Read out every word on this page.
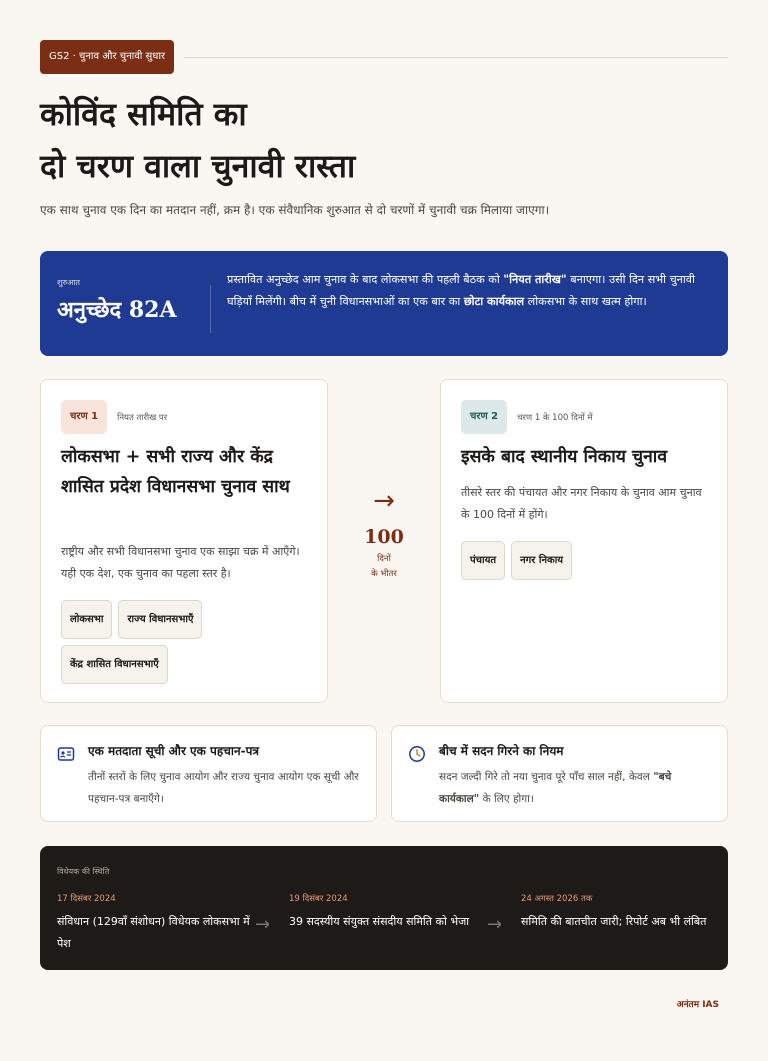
GS2 · चुनाव और चुनावी सुधार
कोविंद समिति का
दो चरण वाला चुनावी रास्ता

एक साथ चुनाव एक दिन का मतदान नहीं, क्रम है। एक संवैधानिक शुरुआत से दो चरणों में चुनावी चक्र मिलाया जाएगा।

शुरुआत
अनुच्छेद 82A

प्रस्तावित अनुच्छेद आम चुनाव के बाद लोकसभा की पहली बैठक को "नियत तारीख" बनाएगा। उसी दिन सभी चुनावी घड़ियाँ मिलेंगी। बीच में चुनी विधानसभाओं का एक बार का छोटा कार्यकाल लोकसभा के साथ खत्म होगा।

चरण 1	नियत तारीख पर
लोकसभा + सभी राज्य और केंद्र शासित प्रदेश विधानसभा चुनाव साथ

राष्ट्रीय और सभी विधानसभा चुनाव एक साझा चक्र में आएँगे। यही एक देश, एक चुनाव का पहला स्तर है।

लोकसभा	राज्य विधानसभाएँ
केंद्र शासित विधानसभाएँ
→
100
दिनों
के भीतर
चरण 2	चरण 1 के 100 दिनों में
इसके बाद स्थानीय निकाय चुनाव

तीसरे स्तर की पंचायत और नगर निकाय के चुनाव आम चुनाव के 100 दिनों में होंगे।

पंचायत	नगर निकाय
एक मतदाता सूची और एक पहचान-पत्र

तीनों स्तरों के लिए चुनाव आयोग और राज्य चुनाव आयोग एक सूची और पहचान-पत्र बनाएँगे।

बीच में सदन गिरने का नियम

सदन जल्दी गिरे तो नया चुनाव पूरे पाँच साल नहीं, केवल "बचे कार्यकाल" के लिए होगा।

विधेयक की स्थिति
17 दिसंबर 2024
संविधान (129वाँ संशोधन) विधेयक लोकसभा में पेश
→
19 दिसंबर 2024
39 सदस्यीय संयुक्त संसदीय समिति को भेजा →
24 अगस्त 2026 तक
समिति की बातचीत जारी; रिपोर्ट अब भी लंबित
अनंतम IAS
